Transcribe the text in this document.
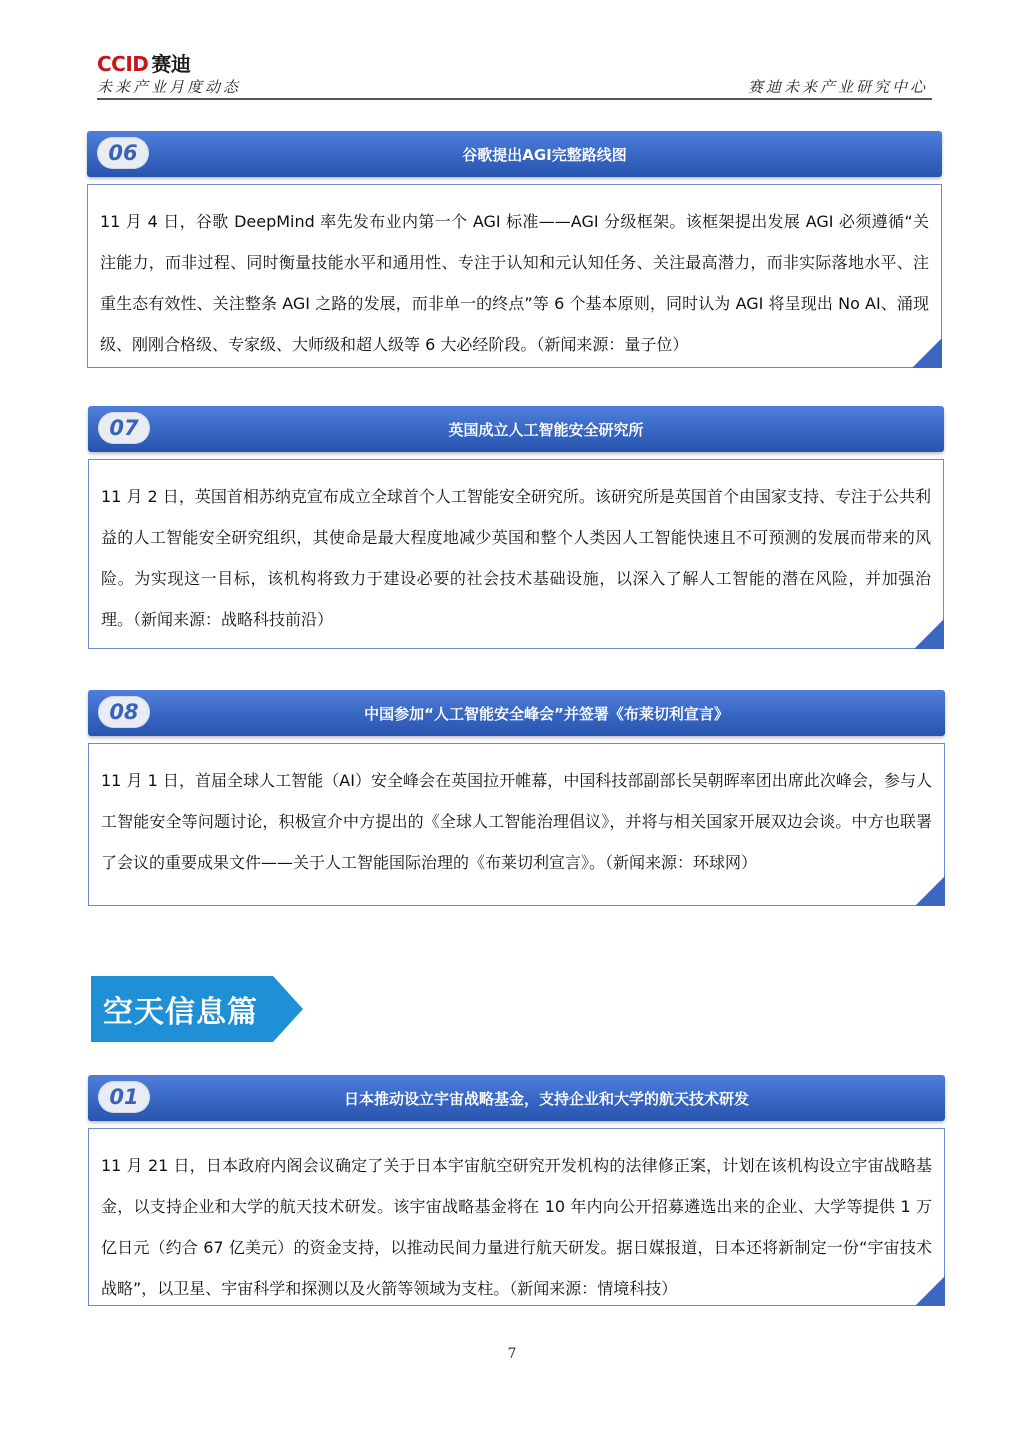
CCID 赛迪
未来产业月度动态	赛迪未来产业研究中心
06	谷歌提出AGI完整路线图

11 月 4 日，谷歌 DeepMind 率先发布业内第一个 AGI 标准——AGI 分级框架。该框架提出发展 AGI 必须遵循“关注能力，而非过程、同时衡量技能水平和通用性、专注于认知和元认知任务、关注最高潜力，而非实际落地水平、注重生态有效性、关注整条 AGI 之路的发展，而非单一的终点”等 6 个基本原则，同时认为 AGI 将呈现出 No AI、涌现级、刚刚合格级、专家级、大师级和超人级等 6 大必经阶段。（新闻来源：量子位）

07	英国成立人工智能安全研究所

11 月 2 日，英国首相苏纳克宣布成立全球首个人工智能安全研究所。该研究所是英国首个由国家支持、专注于公共利益的人工智能安全研究组织，其使命是最大程度地减少英国和整个人类因人工智能快速且不可预测的发展而带来的风险。为实现这一目标，该机构将致力于建设必要的社会技术基础设施，以深入了解人工智能的潜在风险，并加强治理。（新闻来源：战略科技前沿）

08	中国参加“人工智能安全峰会”并签署《布莱切利宣言》

11 月 1 日，首届全球人工智能（AI）安全峰会在英国拉开帷幕，中国科技部副部长吴朝晖率团出席此次峰会，参与人工智能安全等问题讨论，积极宣介中方提出的《全球人工智能治理倡议》，并将与相关国家开展双边会谈。中方也联署了会议的重要成果文件——关于人工智能国际治理的《布莱切利宣言》。（新闻来源：环球网）

空天信息篇
01	日本推动设立宇宙战略基金，支持企业和大学的航天技术研发

11 月 21 日，日本政府内阁会议确定了关于日本宇宙航空研究开发机构的法律修正案，计划在该机构设立宇宙战略基金，以支持企业和大学的航天技术研发。该宇宙战略基金将在 10 年内向公开招募遴选出来的企业、大学等提供 1 万亿日元（约合 67 亿美元）的资金支持，以推动民间力量进行航天研发。据日媒报道，日本还将新制定一份“宇宙技术战略”，以卫星、宇宙科学和探测以及火箭等领域为支柱。（新闻来源：情境科技）

7
